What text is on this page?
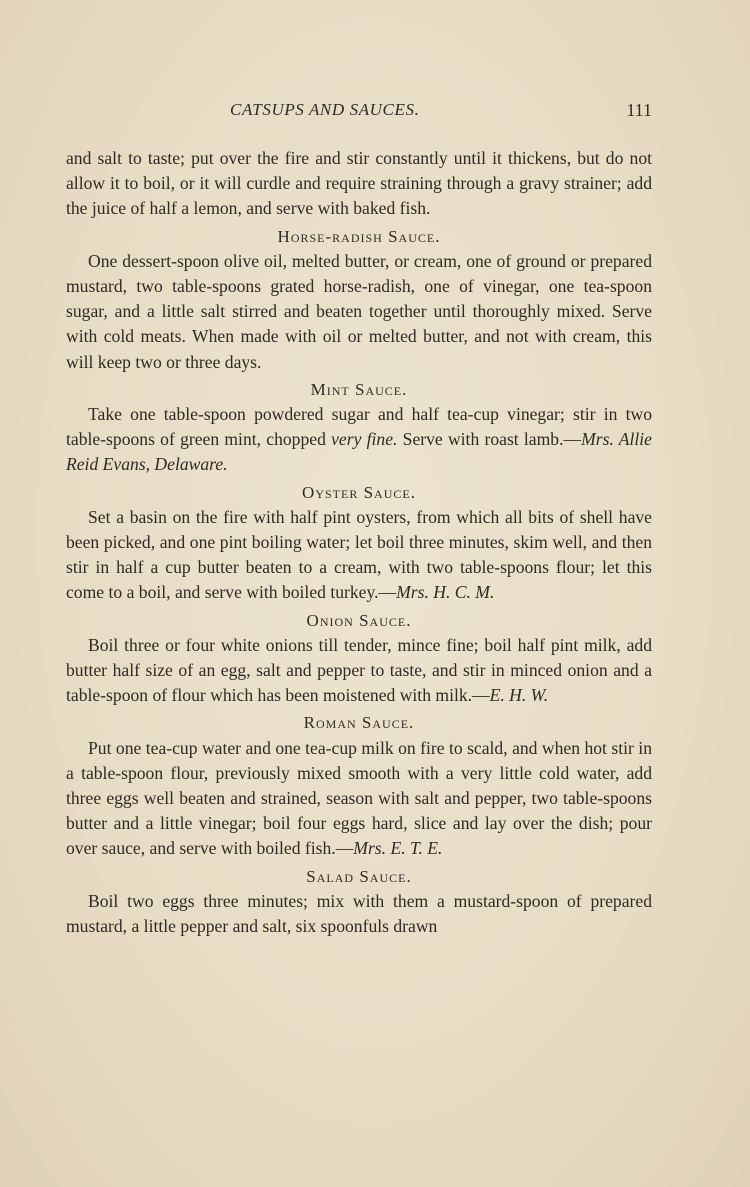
CATSUPS AND SAUCES.	111

and salt to taste; put over the fire and stir constantly until it thickens, but do not allow it to boil, or it will curdle and require straining through a gravy strainer; add the juice of half a lemon, and serve with baked fish.

Horse-radish Sauce.

One dessert-spoon olive oil, melted butter, or cream, one of ground or prepared mustard, two table-spoons grated horse-radish, one of vinegar, one tea-spoon sugar, and a little salt stirred and beaten together until thoroughly mixed. Serve with cold meats. When made with oil or melted butter, and not with cream, this will keep two or three days.

Mint Sauce.

Take one table-spoon powdered sugar and half tea-cup vinegar; stir in two table-spoons of green mint, chopped very fine. Serve with roast lamb.—Mrs. Allie Reid Evans, Delaware.

Oyster Sauce.

Set a basin on the fire with half pint oysters, from which all bits of shell have been picked, and one pint boiling water; let boil three minutes, skim well, and then stir in half a cup butter beaten to a cream, with two table-spoons flour; let this come to a boil, and serve with boiled turkey.—Mrs. H. C. M.

Onion Sauce.

Boil three or four white onions till tender, mince fine; boil half pint milk, add butter half size of an egg, salt and pepper to taste, and stir in minced onion and a table-spoon of flour which has been moistened with milk.—E. H. W.

Roman Sauce.

Put one tea-cup water and one tea-cup milk on fire to scald, and when hot stir in a table-spoon flour, previously mixed smooth with a very little cold water, add three eggs well beaten and strained, season with salt and pepper, two table-spoons butter and a little vinegar; boil four eggs hard, slice and lay over the dish; pour over sauce, and serve with boiled fish.—Mrs. E. T. E.

Salad Sauce.

Boil two eggs three minutes; mix with them a mustard-spoon of prepared mustard, a little pepper and salt, six spoonfuls drawn
